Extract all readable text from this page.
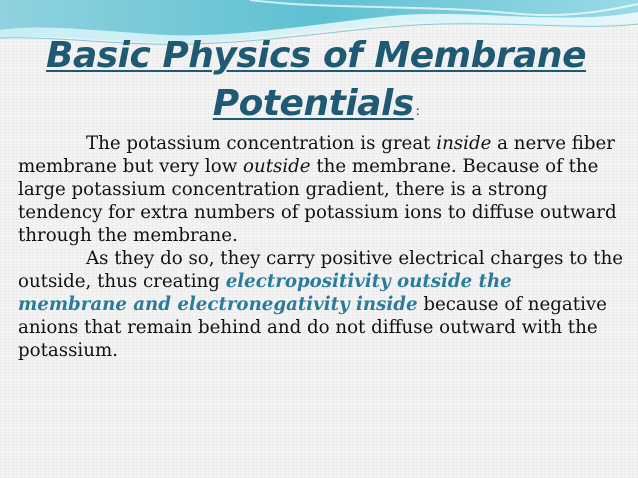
Basic Physics of Membrane
Potentials :

The potassium concentration is great inside a nerve fiber membrane but very low outside the membrane. Because of the large potassium concentration gradient, there is a strong tendency for extra numbers of potassium ions to diffuse outward through the membrane.

As they do so, they carry positive electrical charges to the outside, thus creating electropositivity outside the membrane and electronegativity inside because of negative anions that remain behind and do not diffuse outward with the potassium.
